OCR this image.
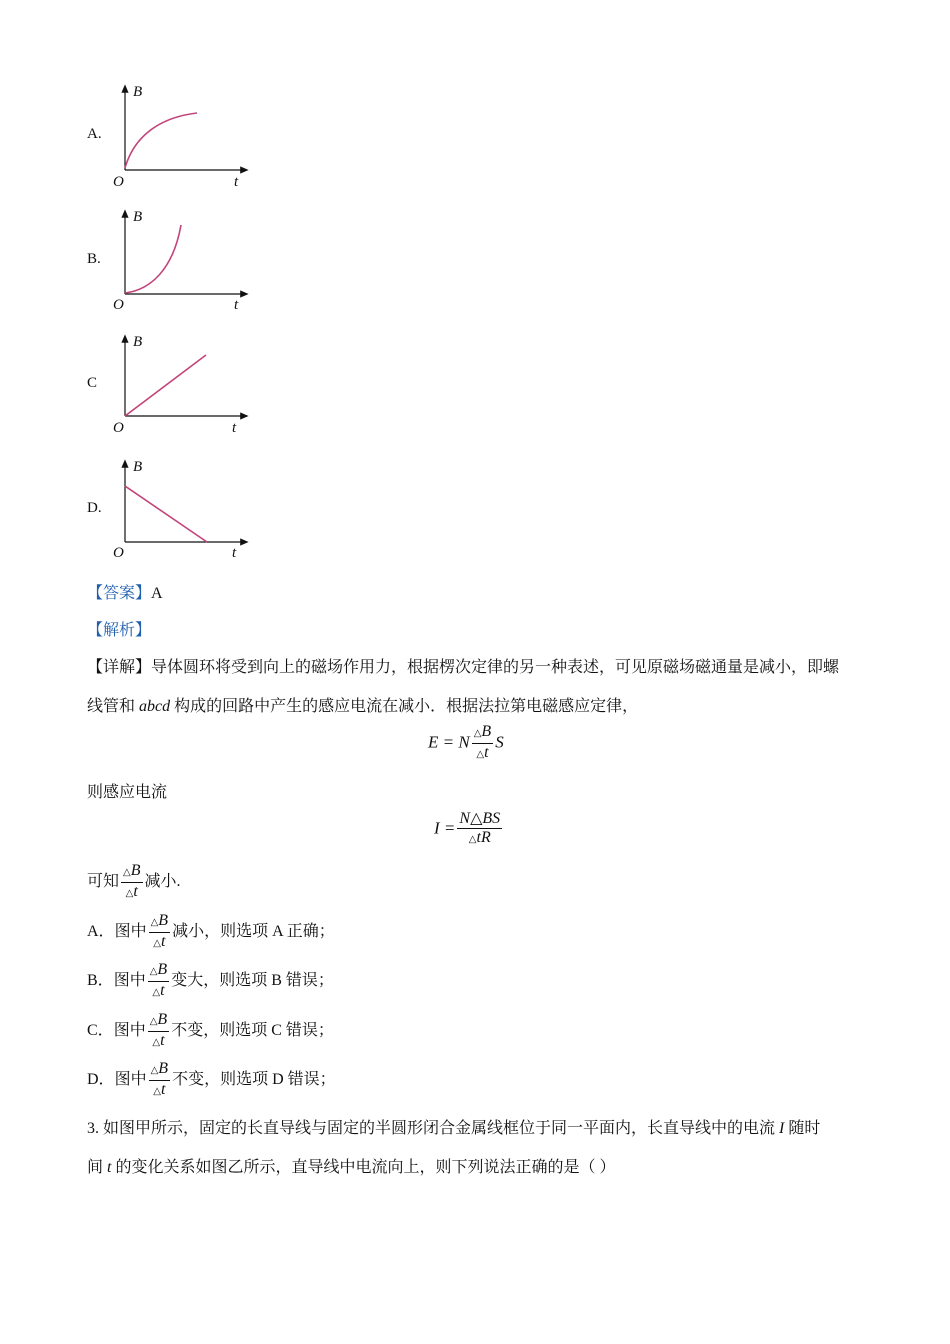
A.
B
t
O
B.
B
t
O
C
B
t
O
D.
B
t
O
【答案】A
【解析】
【详解】导体圆环将受到向上的磁场作用力，根据楞次定律的另一种表述，可见原磁场磁通量是减小，即螺
线管和 abcd 构成的回路中产生的感应电流在减小．根据法拉第电磁感应定律，
E = N $\frac{\triangle B}{\triangle t}$ S
则感应电流
$I = \frac{N\triangle BS}{\triangle tR}$
可知 $\frac{\triangle B}{\triangle t}$ 减小.
A．图中 $\frac{\triangle B}{\triangle t}$ 减小，则选项 A 正确；
B．图中 $\frac{\triangle B}{\triangle t}$ 变大，则选项 B 错误；
C．图中 $\frac{\triangle B}{\triangle t}$ 不变，则选项 C 错误；
D．图中 $\frac{\triangle B}{\triangle t}$ 不变，则选项 D 错误；
3. 如图甲所示，固定的长直导线与固定的半圆形闭合金属线框位于同一平面内，长直导线中的电流 I 随时
间 t 的变化关系如图乙所示，直导线中电流向上，则下列说法正确的是（ ）
